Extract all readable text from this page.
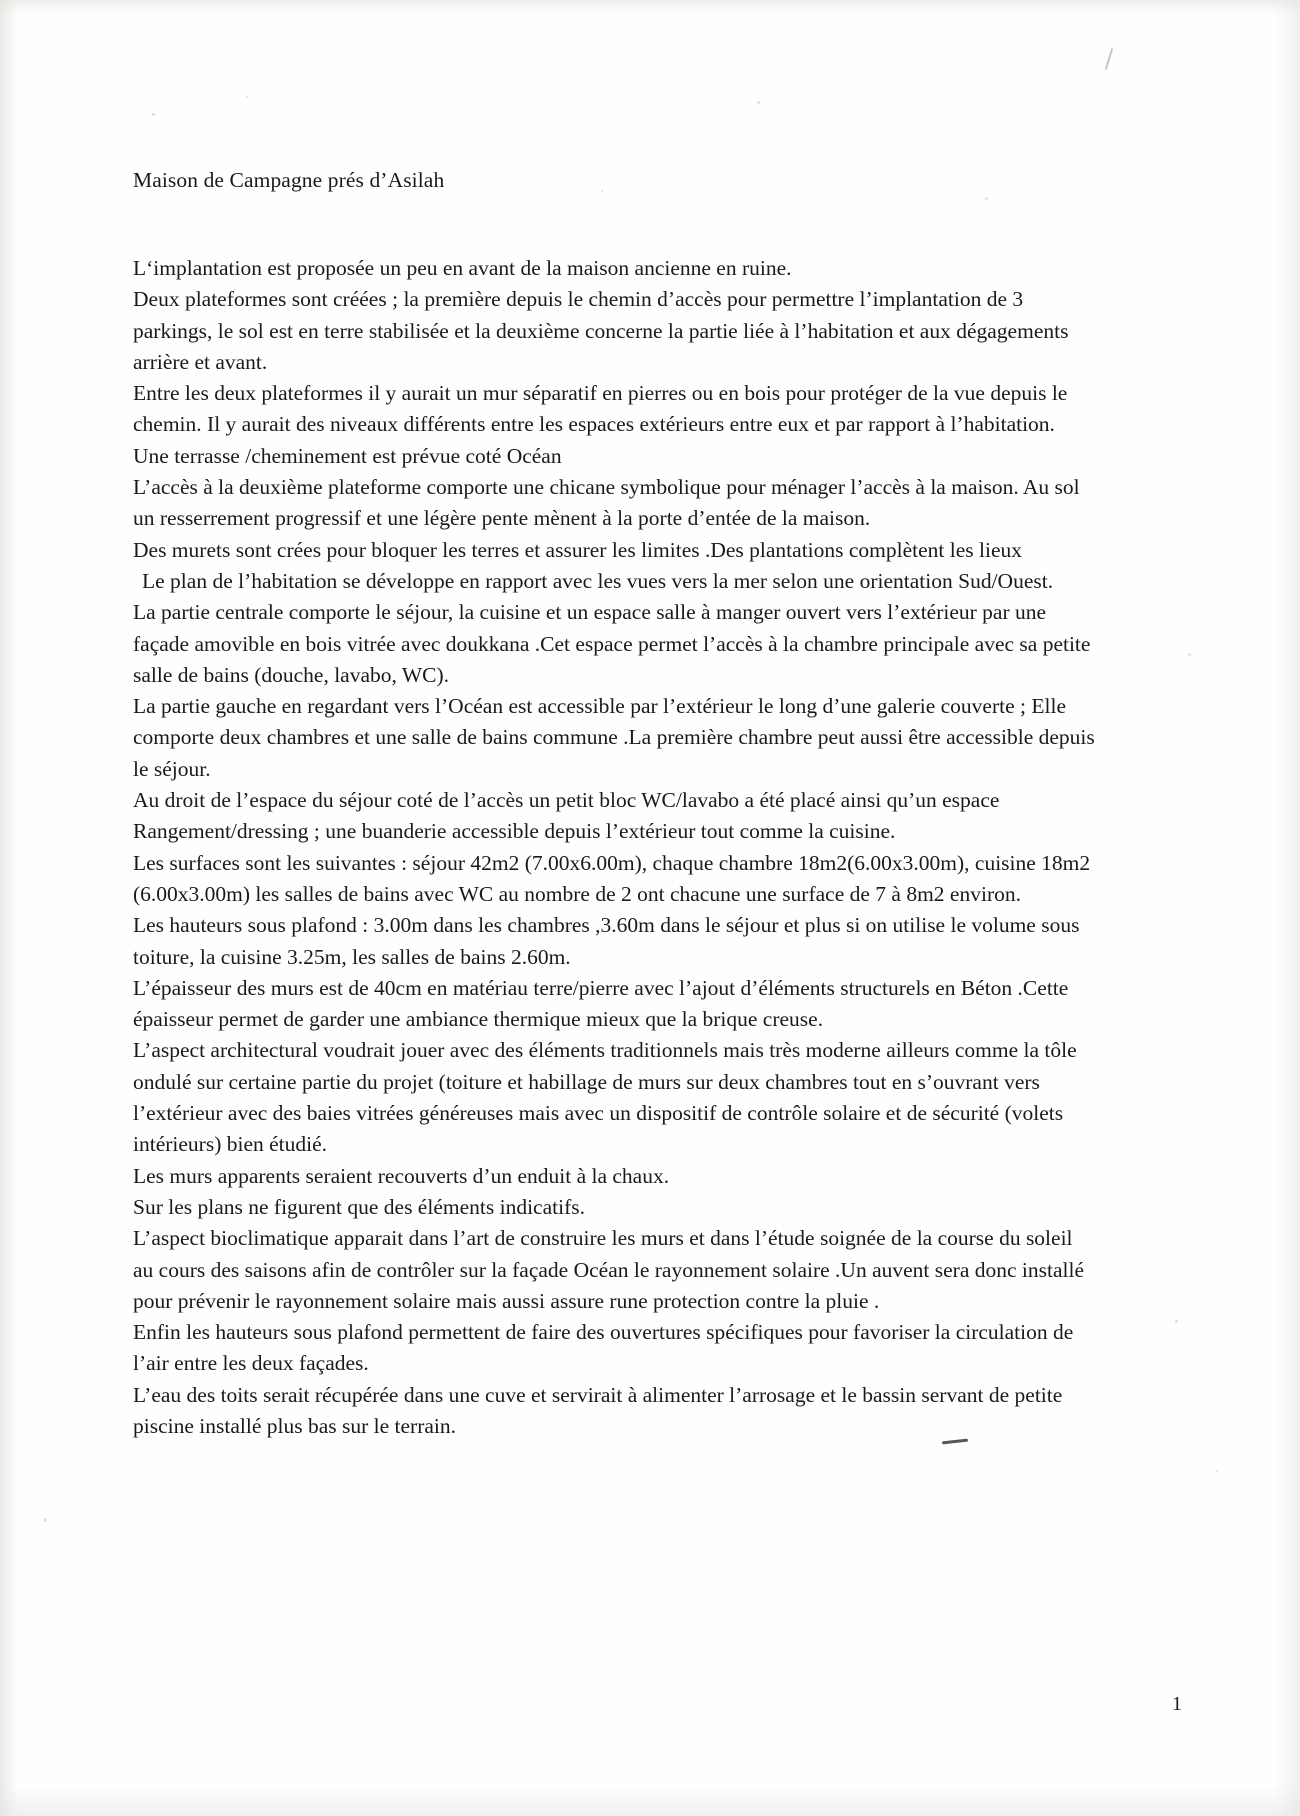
Maison de Campagne prés d’Asilah

L‘implantation est proposée un peu en avant de la maison ancienne en ruine.

Deux plateformes sont créées ; la première depuis le chemin d’accès pour permettre l’implantation de 3 parkings, le sol est en terre stabilisée et la deuxième concerne la partie liée à l’habitation et aux dégagements arrière et avant.

Entre les deux plateformes il y aurait un mur séparatif en pierres ou en bois pour protéger de la vue depuis le chemin. Il y aurait des niveaux différents entre les espaces extérieurs entre eux et par rapport à l’habitation.

Une terrasse /cheminement est prévue coté Océan

L’accès à la deuxième plateforme comporte une chicane symbolique pour ménager l’accès à la maison. Au sol un resserrement progressif et une légère pente mènent à la porte d’entée de la maison.

Des murets sont crées pour bloquer les terres et assurer les limites .Des plantations complètent les lieux

Le plan de l’habitation se développe en rapport avec les vues vers la mer selon une orientation Sud/Ouest.

La partie centrale comporte le séjour, la cuisine et un espace salle à manger ouvert vers l’extérieur par une façade amovible en bois vitrée avec doukkana .Cet espace permet l’accès à la chambre principale avec sa petite salle de bains (douche, lavabo, WC).

La partie gauche en regardant vers l’Océan est accessible par l’extérieur le long d’une galerie couverte ; Elle comporte deux chambres et une salle de bains commune .La première chambre peut aussi être accessible depuis le séjour.

Au droit de l’espace du séjour coté de l’accès un petit bloc WC/lavabo a été placé ainsi qu’un espace Rangement/dressing ; une buanderie accessible depuis l’extérieur tout comme la cuisine.

Les surfaces sont les suivantes : séjour 42m2 (7.00x6.00m), chaque chambre 18m2(6.00x3.00m), cuisine 18m2 (6.00x3.00m) les salles de bains avec WC au nombre de 2 ont chacune une surface de 7 à 8m2 environ.

Les hauteurs sous plafond : 3.00m dans les chambres ,3.60m dans le séjour et plus si on utilise le volume sous toiture, la cuisine 3.25m, les salles de bains 2.60m.

L’épaisseur des murs est de 40cm en matériau terre/pierre avec l’ajout d’éléments structurels en Béton .Cette épaisseur permet de garder une ambiance thermique mieux que la brique creuse.

L’aspect architectural voudrait jouer avec des éléments traditionnels mais très moderne ailleurs comme la tôle ondulé sur certaine partie du projet (toiture et habillage de murs sur deux chambres tout en s’ouvrant vers l’extérieur avec des baies vitrées généreuses mais avec un dispositif de contrôle solaire et de sécurité (volets intérieurs) bien étudié.

Les murs apparents seraient recouverts d’un enduit à la chaux.

Sur les plans ne figurent que des éléments indicatifs.

L’aspect bioclimatique apparait dans l’art de construire les murs et dans l’étude soignée de la course du soleil au cours des saisons afin de contrôler sur la façade Océan le rayonnement solaire .Un auvent sera donc installé pour prévenir le rayonnement solaire mais aussi assure rune protection contre la pluie .

Enfin les hauteurs sous plafond permettent de faire des ouvertures spécifiques pour favoriser la circulation de l’air entre les deux façades.

L’eau des toits serait récupérée dans une cuve et servirait à alimenter l’arrosage et le bassin servant de petite piscine installé plus bas sur le terrain.

1
